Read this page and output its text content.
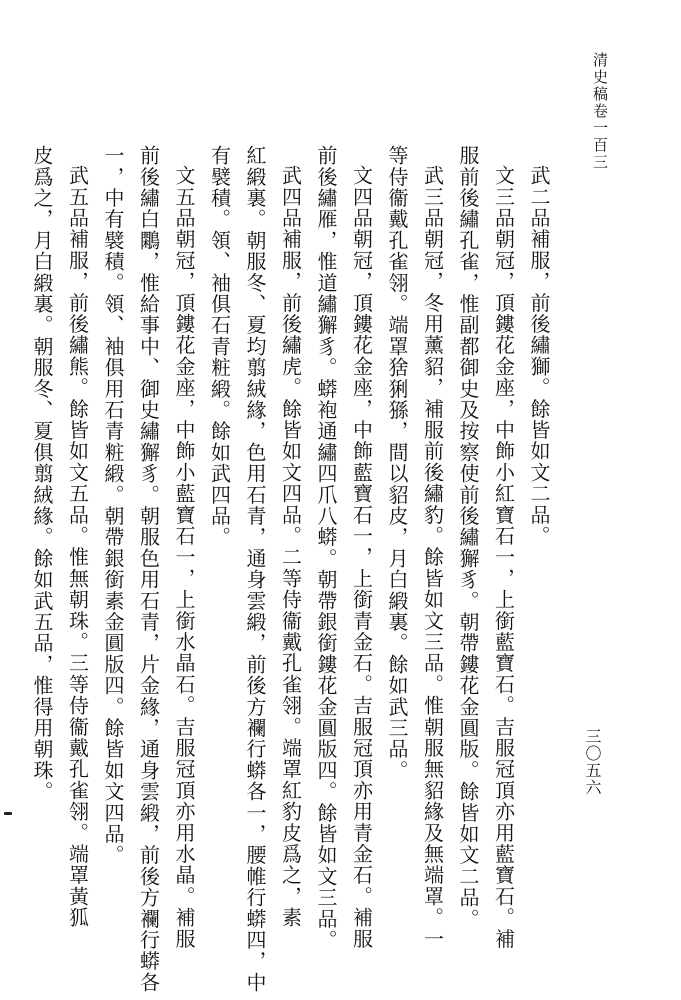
清史稿卷一百三
武二品補服，前後繡獅。餘皆如文二品。
文三品朝冠，頂鏤花金座，中飾小紅寶石一，上銜藍寶石。吉服冠頂亦用藍寶石。補
服前後繡孔雀，惟副都御史及按察使前後繡獬豸。朝帶鏤花金圓版。餘皆如文二品。
武三品朝冠，冬用薰貂，補服前後繡豹。餘皆如文三品。惟朝服無貂緣及無端罩。一
等侍衞戴孔雀翎。端罩猞猁猻，間以貂皮，月白緞裏。餘如武三品。
文四品朝冠，頂鏤花金座，中飾藍寶石一，上銜青金石。吉服冠頂亦用青金石。補服
前後繡雁，惟道繡獬豸。蟒袍通繡四爪八蟒。朝帶銀銜鏤花金圓版四。餘皆如文三品。
武四品補服，前後繡虎。餘皆如文四品。二等侍衞戴孔雀翎。端罩紅豹皮爲之，素
紅緞裏。朝服冬、夏均翦絨緣，色用石青，通身雲緞，前後方襴行蟒各一，腰帷行蟒四，中
有襞積。領、袖俱石青粧緞。餘如武四品。
文五品朝冠，頂鏤花金座，中飾小藍寶石一，上銜水晶石。吉服冠頂亦用水晶。補服
前後繡白鷴，惟給事中、御史繡獬豸。朝服色用石青，片金緣，通身雲緞，前後方襴行蟒各
一，中有襞積。領、袖俱用石青粧緞。朝帶銀銜素金圓版四。餘皆如文四品。
武五品補服，前後繡熊。餘皆如文五品。惟無朝珠。三等侍衞戴孔雀翎。端罩黃狐
皮爲之，月白緞裏。朝服冬、夏俱翦絨緣。餘如武五品，惟得用朝珠。	三〇五六
